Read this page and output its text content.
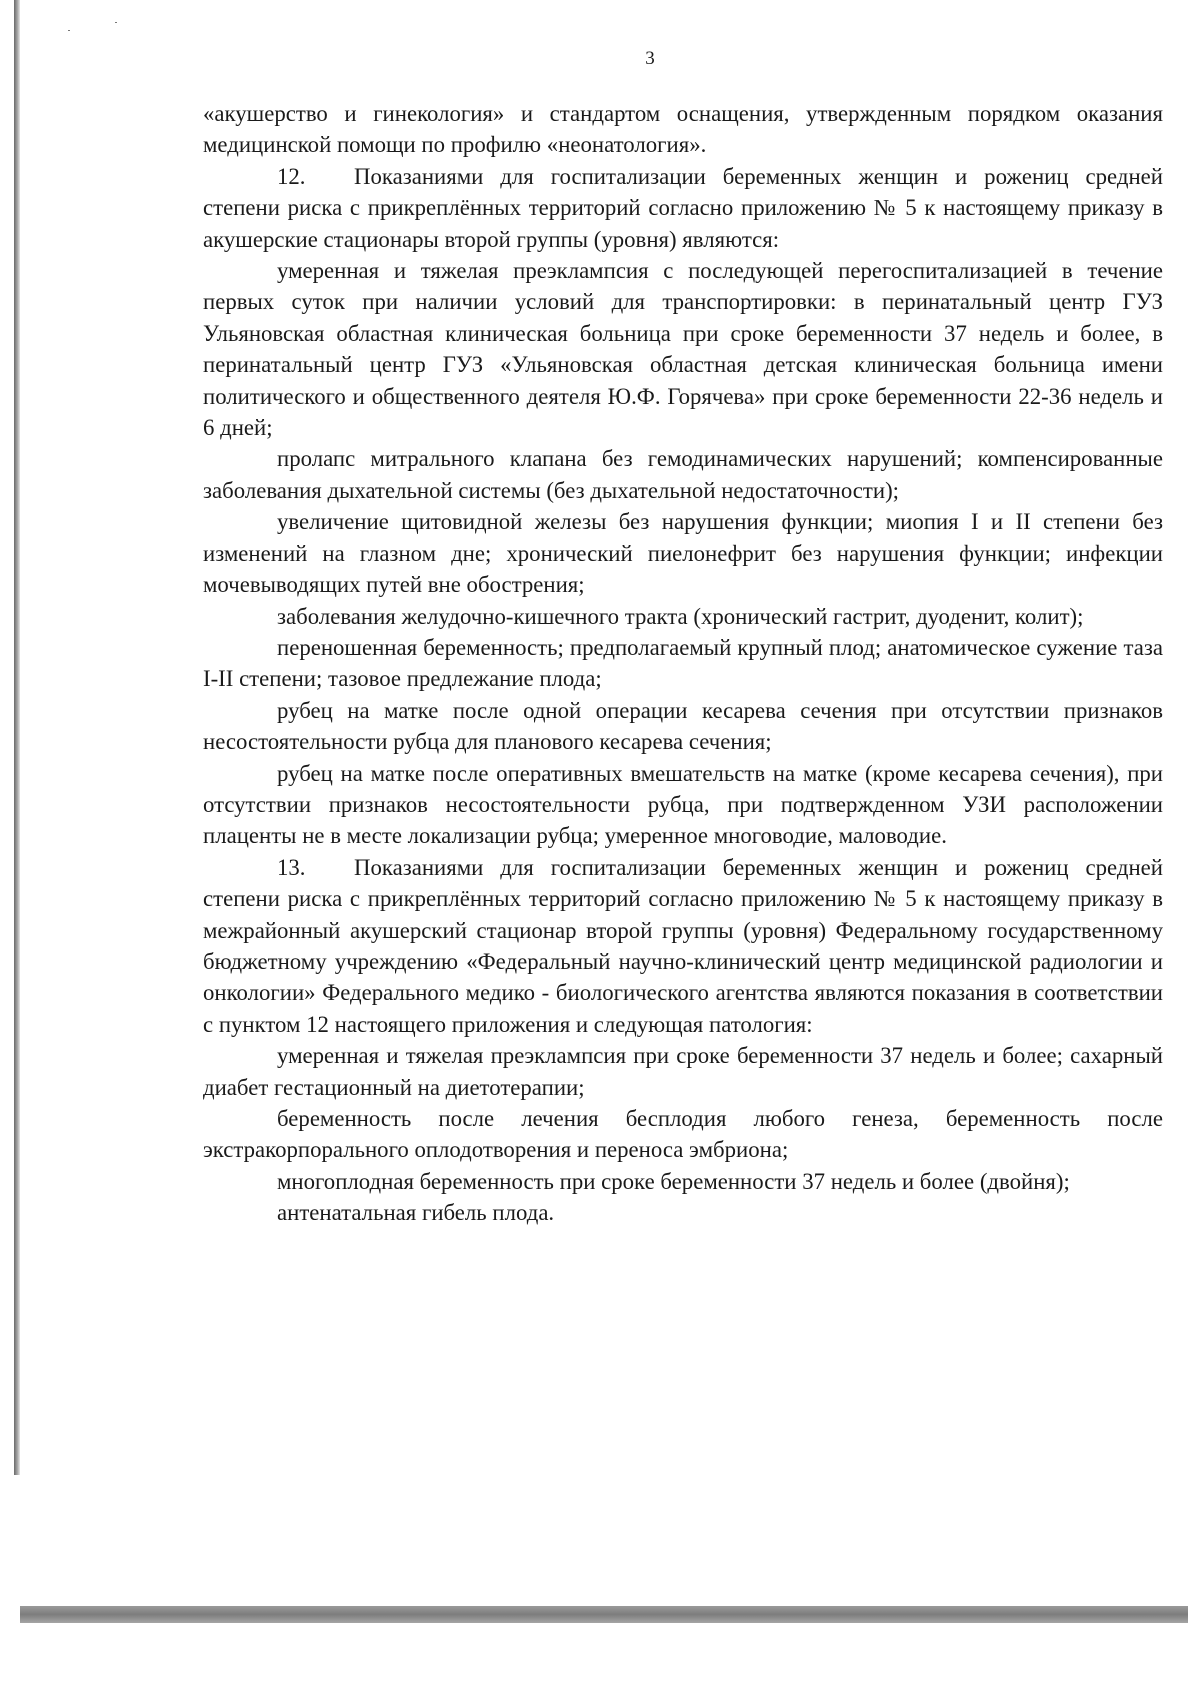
3

«акушерство и гинекология» и стандартом оснащения, утвержденным порядком оказания медицинской помощи по профилю «неонатология».

12. Показаниями для госпитализации беременных женщин и рожениц средней степени риска с прикреплённых территорий согласно приложению № 5 к настоящему приказу в акушерские стационары второй группы (уровня) являются:

умеренная и тяжелая преэклампсия с последующей перегоспитализацией в течение первых суток при наличии условий для транспортировки: в перинатальный центр ГУЗ Ульяновская областная клиническая больница при сроке беременности 37 недель и более, в перинатальный центр ГУЗ «Ульяновская областная детская клиническая больница имени политического и общественного деятеля Ю.Ф. Горячева» при сроке беременности 22-36 недель и 6 дней;

пролапс митрального клапана без гемодинамических нарушений; компенсированные заболевания дыхательной системы (без дыхательной недостаточности);

увеличение щитовидной железы без нарушения функции; миопия I и II степени без изменений на глазном дне; хронический пиелонефрит без нарушения функции; инфекции мочевыводящих путей вне обострения;

заболевания желудочно-кишечного тракта (хронический гастрит, дуоденит, колит);

переношенная беременность; предполагаемый крупный плод; анатомическое сужение таза I-II степени; тазовое предлежание плода;

рубец на матке после одной операции кесарева сечения при отсутствии признаков несостоятельности рубца для планового кесарева сечения;

рубец на матке после оперативных вмешательств на матке (кроме кесарева сечения), при отсутствии признаков несостоятельности рубца, при подтвержденном УЗИ расположении плаценты не в месте локализации рубца; умеренное многоводие, маловодие.

13. Показаниями для госпитализации беременных женщин и рожениц средней степени риска с прикреплённых территорий согласно приложению № 5 к настоящему приказу в межрайонный акушерский стационар второй группы (уровня) Федеральному государственному бюджетному учреждению «Федеральный научно-клинический центр медицинской радиологии и онкологии» Федерального медико - биологического агентства являются показания в соответствии с пунктом 12 настоящего приложения и следующая патология:

умеренная и тяжелая преэклампсия при сроке беременности 37 недель и более; сахарный диабет гестационный на диетотерапии;

беременность после лечения бесплодия любого генеза, беременность после экстракорпорального оплодотворения и переноса эмбриона;

многоплодная беременность при сроке беременности 37 недель и более (двойня);

антенатальная гибель плода.
